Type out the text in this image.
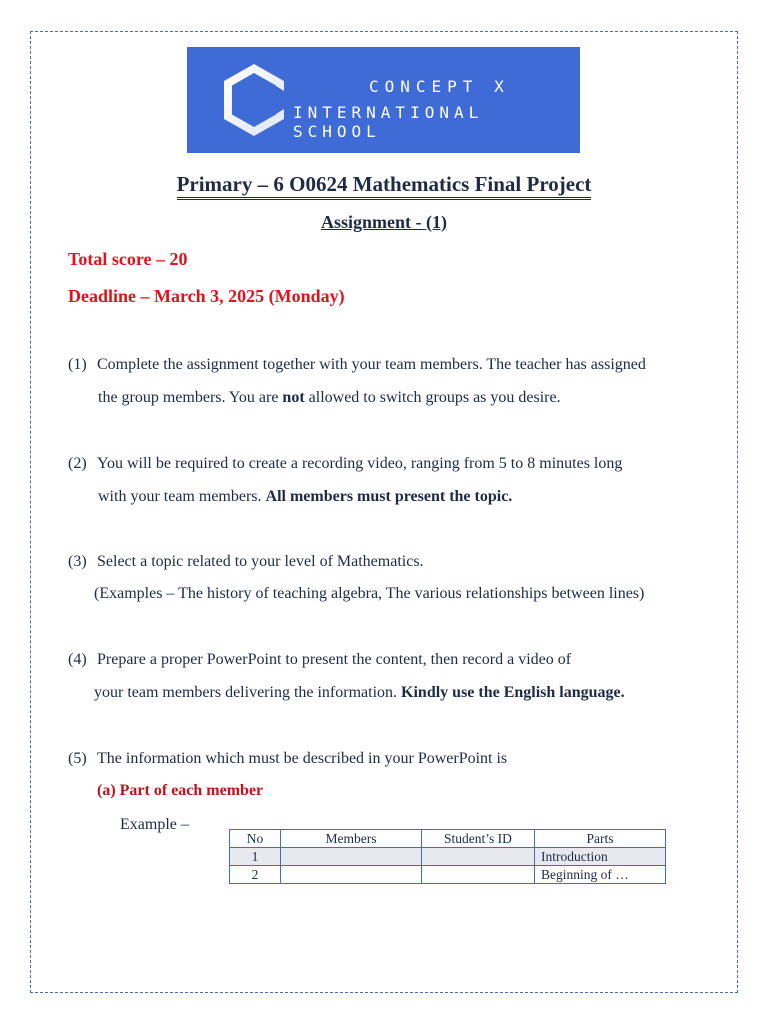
CONCEPT X
INTERNATIONAL SCHOOL
Primary – 6 O0624 Mathematics Final Project
Assignment - (1)
Total score – 20
Deadline – March 3, 2025 (Monday)
(1) Complete the assignment together with your team members. The teacher has assigned
the group members. You are not allowed to switch groups as you desire.
(2) You will be required to create a recording video, ranging from 5 to 8 minutes long
with your team members. All members must present the topic.
(3) Select a topic related to your level of Mathematics.
(Examples – The history of teaching algebra, The various relationships between lines)
(4) Prepare a proper PowerPoint to present the content, then record a video of
your team members delivering the information. Kindly use the English language.
(5) The information which must be described in your PowerPoint is
(a) Part of each member
Example –
No	Members	Student’s ID	Parts
1			Introduction
2			Beginning of …
